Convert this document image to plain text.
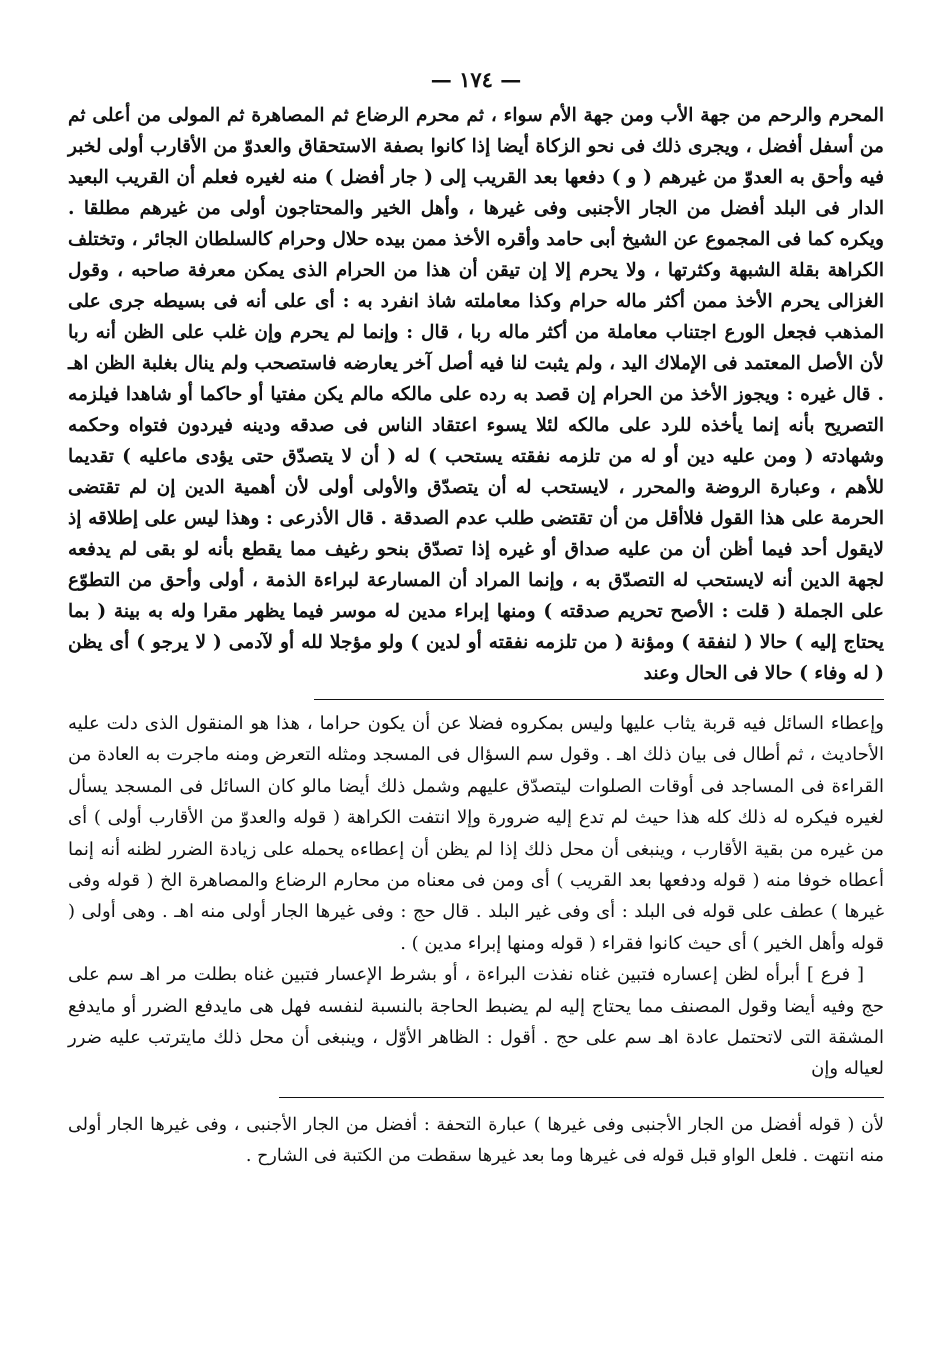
— ١٧٤ —

المحرم والرحم من جهة الأب ومن جهة الأم سواء ، ثم محرم الرضاع ثم المصاهرة ثم المولى من أعلى ثم من أسفل أفضل ، ويجرى ذلك فى نحو الزكاة أيضا إذا كانوا بصفة الاستحقاق والعدوّ من الأقارب أولى لخبر فيه وأحق به العدوّ من غيرهم ( و ) دفعها بعد القريب إلى ( جار أفضل ) منه لغيره فعلم أن القريب البعيد الدار فى البلد أفضل من الجار الأجنبى وفى غيرها ، وأهل الخير والمحتاجون أولى من غيرهم مطلقا . ويكره كما فى المجموع عن الشيخ أبى حامد وأقره الأخذ ممن بيده حلال وحرام كالسلطان الجائر ، وتختلف الكراهة بقلة الشبهة وكثرتها ، ولا يحرم إلا إن تيقن أن هذا من الحرام الذى يمكن معرفة صاحبه ، وقول الغزالى يحرم الأخذ ممن أكثر ماله حرام وكذا معاملته شاذ انفرد به : أى على أنه فى بسيطه جرى على المذهب فجعل الورع اجتناب معاملة من أكثر ماله ربا ، قال : وإنما لم يحرم وإن غلب على الظن أنه ربا لأن الأصل المعتمد فى الإملاك اليد ، ولم يثبت لنا فيه أصل آخر يعارضه فاستصحب ولم ينال بغلبة الظن اهـ . قال غيره : ويجوز الأخذ من الحرام إن قصد به رده على مالكه مالم يكن مفتيا أو حاكما أو شاهدا فيلزمه التصريح بأنه إنما يأخذه للرد على مالكه لئلا يسوء اعتقاد الناس فى صدقه ودينه فيردون فتواه وحكمه وشهادته ( ومن عليه دين أو له من تلزمه نفقته يستحب ) له ( أن لا يتصدّق حتى يؤدى ماعليه ) تقديما للأهم ، وعبارة الروضة والمحرر ، لايستحب له أن يتصدّق والأولى أولى لأن أهمية الدين إن لم تقتضى الحرمة على هذا القول فلاأقل من أن تقتضى طلب عدم الصدقة . قال الأذرعى : وهذا ليس على إطلاقه إذ لايقول أحد فيما أظن أن من عليه صداق أو غيره إذا تصدّق بنحو رغيف مما يقطع بأنه لو بقى لم يدفعه لجهة الدين أنه لايستحب له التصدّق به ، وإنما المراد أن المسارعة لبراءة الذمة ، أولى وأحق من التطوّع على الجملة ( قلت : الأصح تحريم صدقته ) ومنها إبراء مدين له موسر فيما يظهر مقرا وله به بينة ( بما يحتاج إليه ) حالا ( لنفقة ) ومؤنة ( من تلزمه نفقته أو لدين ) ولو مؤجلا لله أو لآدمى ( لا يرجو ) أى يظن ( له وفاء ) حالا فى الحال وعند

وإعطاء السائل فيه قربة يثاب عليها وليس بمكروه فضلا عن أن يكون حراما ، هذا هو المنقول الذى دلت عليه الأحاديث ، ثم أطال فى بيان ذلك اهـ . وقول سم السؤال فى المسجد ومثله التعرض ومنه ماجرت به العادة من القراءة فى المساجد فى أوقات الصلوات ليتصدّق عليهم وشمل ذلك أيضا مالو كان السائل فى المسجد يسأل لغيره فيكره له ذلك كله هذا حيث لم تدع إليه ضرورة وإلا انتفت الكراهة ( قوله والعدوّ من الأقارب أولى ) أى من غيره من بقية الأقارب ، وينبغى أن محل ذلك إذا لم يظن أن إعطاءه يحمله على زيادة الضرر لظنه أنه إنما أعطاه خوفا منه ( قوله ودفعها بعد القريب ) أى ومن فى معناه من محارم الرضاع والمصاهرة الخ ( قوله وفى غيرها ) عطف على قوله فى البلد : أى وفى غير البلد . قال حج : وفى غيرها الجار أولى منه اهـ . وهى أولى ( قوله وأهل الخير ) أى حيث كانوا فقراء ( قوله ومنها إبراء مدين ) .

[ فرع ] أبرأه لظن إعساره فتبين غناه نفذت البراءة ، أو بشرط الإعسار فتبين غناه بطلت مر اهـ سم على حج وفيه أيضا وقول المصنف مما يحتاج إليه لم يضبط الحاجة بالنسبة لنفسه فهل هى مايدفع الضرر أو مايدفع المشقة التى لاتحتمل عادة اهـ سم على حج . أقول : الظاهر الأوّل ، وينبغى أن محل ذلك مايترتب عليه ضرر لعياله وإن

لأن ( قوله أفضل من الجار الأجنبى وفى غيرها ) عبارة التحفة : أفضل من الجار الأجنبى ، وفى غيرها الجار أولى منه انتهت . فلعل الواو قبل قوله فى غيرها وما بعد غيرها سقطت من الكتبة فى الشارح .
